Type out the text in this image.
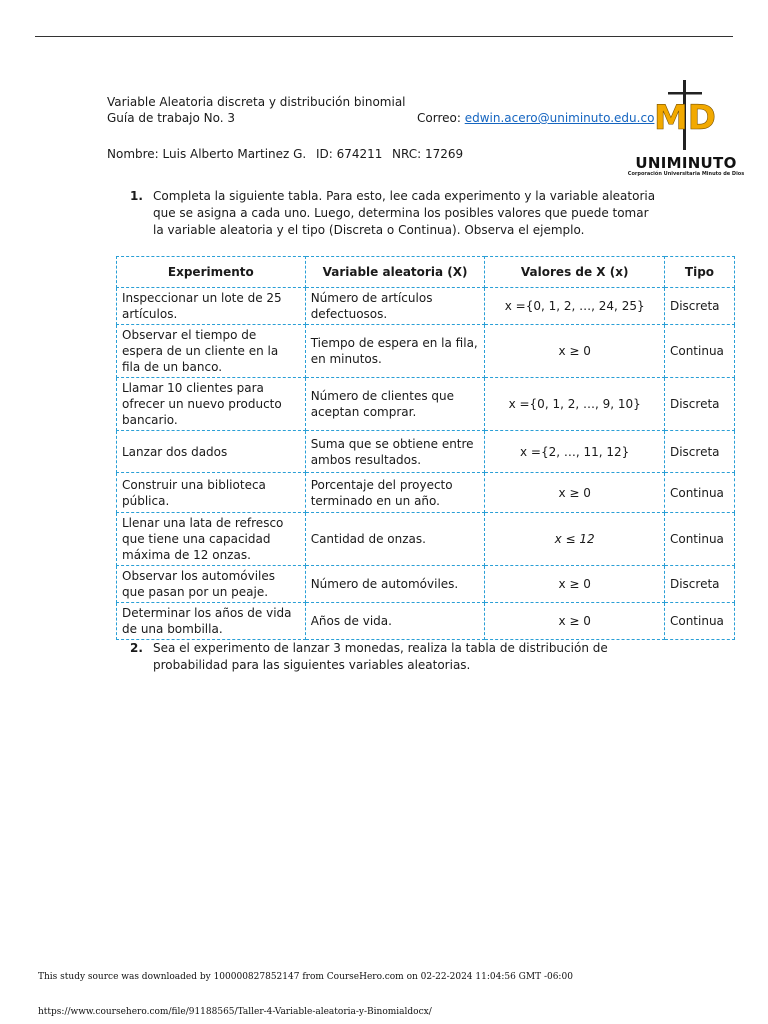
Variable Aleatoria discreta y distribución binomial
Guía de trabajo No. 3	Correo: edwin.acero@uniminuto.edu.co
Nombre: Luis Alberto Martinez G. ID: 674211 NRC: 17269
MD
UNIMINUTO
Corporación Universitaria Minuto de Dios
1. Completa la siguiente tabla. Para esto, lee cada experimento y la variable aleatoria que se asigna a cada uno. Luego, determina los posibles valores que puede tomar la variable aleatoria y el tipo (Discreta o Continua). Observa el ejemplo.
Experimento	Variable aleatoria (X)	Valores de X (x)	Tipo
Inspeccionar un lote de 25 artículos.	Número de artículos defectuosos.	x ={0, 1, 2, …, 24, 25}	Discreta
Observar el tiempo de espera de un cliente en la fila de un banco.	Tiempo de espera en la fila, en minutos.	x ≥ 0	Continua
Llamar 10 clientes para ofrecer un nuevo producto bancario.	Número de clientes que aceptan comprar.	x ={0, 1, 2, …, 9, 10}	Discreta
Lanzar dos dados	Suma que se obtiene entre ambos resultados.	x ={2, …, 11, 12}	Discreta
Construir una biblioteca pública.	Porcentaje del proyecto terminado en un año.	x ≥ 0	Continua
Llenar una lata de refresco que tiene una capacidad máxima de 12 onzas.	Cantidad de onzas.	x ≤ 12	Continua
Observar los automóviles que pasan por un peaje.	Número de automóviles.	x ≥ 0	Discreta
Determinar los años de vida de una bombilla.	Años de vida.	x ≥ 0	Continua
2. Sea el experimento de lanzar 3 monedas, realiza la tabla de distribución de probabilidad para las siguientes variables aleatorias.
This study source was downloaded by 100000827852147 from CourseHero.com on 02-22-2024 11:04:56 GMT -06:00
https://www.coursehero.com/file/91188565/Taller-4-Variable-aleatoria-y-Binomialdocx/
